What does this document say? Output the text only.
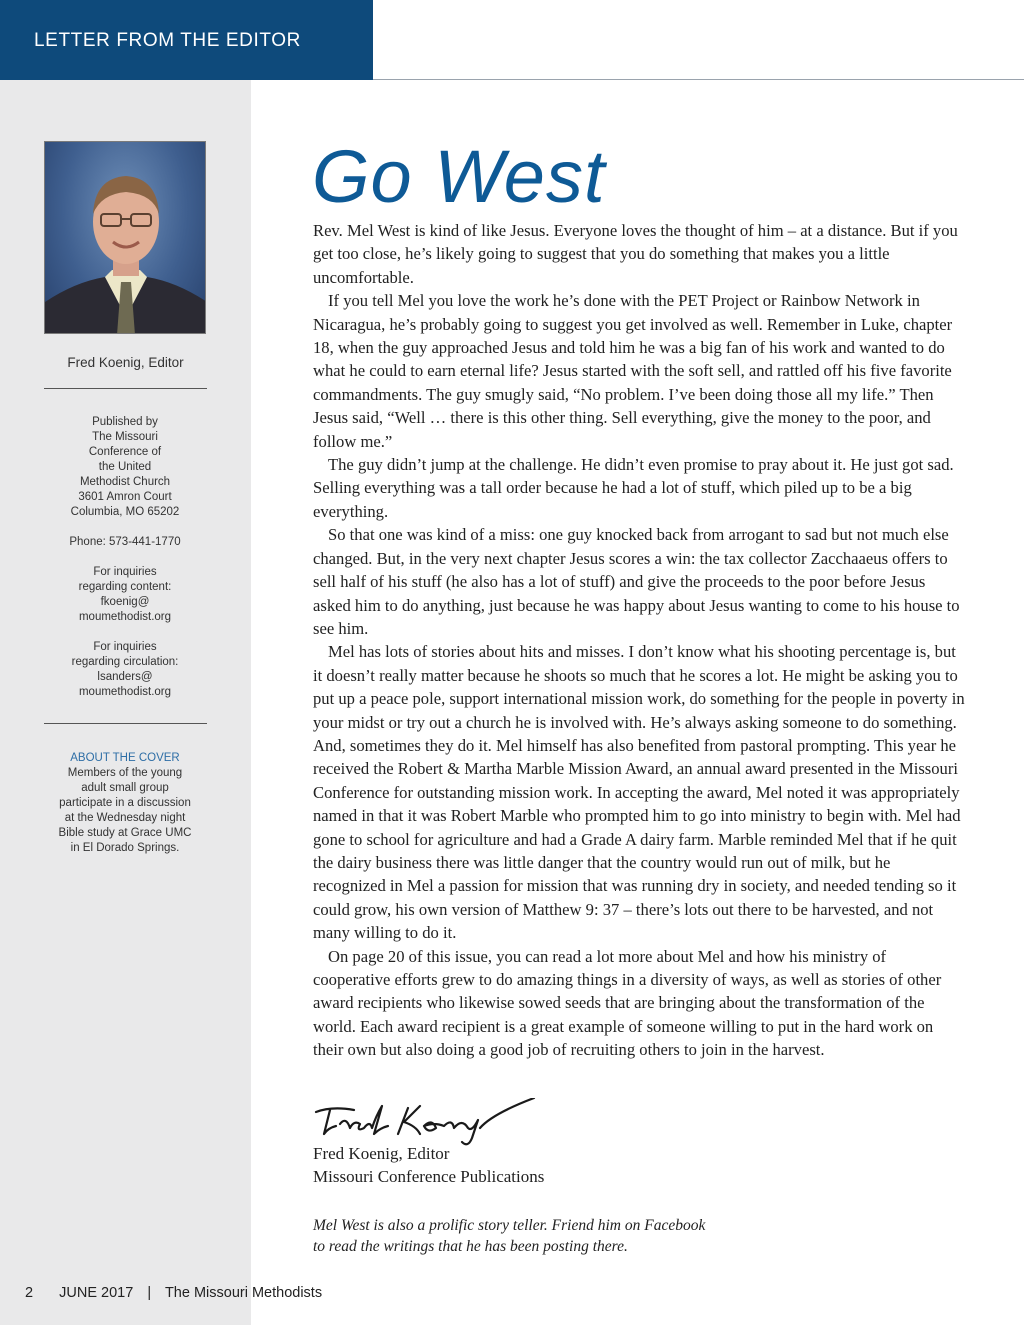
LETTER FROM THE EDITOR
Fred Koenig, Editor
Published by
The Missouri
Conference of
the United
Methodist Church
3601 Amron Court
Columbia, MO 65202
Phone: 573-441-1770
For inquiries
regarding content:
fkoenig@
moumethodist.org
For inquiries
regarding circulation:
lsanders@
moumethodist.org
ABOUT THE COVER
Members of the young
adult small group
participate in a discussion
at the Wednesday night
Bible study at Grace UMC
in El Dorado Springs.
Go West

Rev. Mel West is kind of like Jesus. Everyone loves the thought of him – at a distance. But if you get too close, he’s likely going to suggest that you do something that makes you a little uncomfortable.

If you tell Mel you love the work he’s done with the PET Project or Rainbow Network in Nicaragua, he’s probably going to suggest you get involved as well. Remember in Luke, chapter 18, when the guy approached Jesus and told him he was a big fan of his work and wanted to do what he could to earn eternal life? Jesus started with the soft sell, and rattled off his five favorite commandments. The guy smugly said, “No problem. I’ve been doing those all my life.” Then Jesus said, “Well … there is this other thing. Sell everything, give the money to the poor, and follow me.”

The guy didn’t jump at the challenge. He didn’t even promise to pray about it. He just got sad. Selling everything was a tall order because he had a lot of stuff, which piled up to be a big everything.

So that one was kind of a miss: one guy knocked back from arrogant to sad but not much else changed. But, in the very next chapter Jesus scores a win: the tax collector Zacchaaeus offers to sell half of his stuff (he also has a lot of stuff) and give the proceeds to the poor before Jesus asked him to do anything, just because he was happy about Jesus wanting to come to his house to see him.

Mel has lots of stories about hits and misses. I don’t know what his shooting percentage is, but it doesn’t really matter because he shoots so much that he scores a lot. He might be asking you to put up a peace pole, support international mission work, do something for the people in poverty in your midst or try out a church he is involved with. He’s always asking someone to do something. And, sometimes they do it. Mel himself has also benefited from pastoral prompting. This year he received the Robert & Martha Marble Mission Award, an annual award presented in the Missouri Conference for outstanding mission work. In accepting the award, Mel noted it was appropriately named in that it was Robert Marble who prompted him to go into ministry to begin with. Mel had gone to school for agriculture and had a Grade A dairy farm. Marble reminded Mel that if he quit the dairy business there was little danger that the country would run out of milk, but he recognized in Mel a passion for mission that was running dry in society, and needed tending so it could grow, his own version of Matthew 9: 37 – there’s lots out there to be harvested, and not many willing to do it.

On page 20 of this issue, you can read a lot more about Mel and how his ministry of cooperative efforts grew to do amazing things in a diversity of ways, as well as stories of other award recipients who likewise sowed seeds that are bringing about the transformation of the world. Each award recipient is a great example of someone willing to put in the hard work on their own but also doing a good job of recruiting others to join in the harvest.

Fred Koenig, Editor
Missouri Conference Publications
Mel West is also a prolific story teller. Friend him on Facebook
to read the writings that he has been posting there.
2 JUNE 2017 | The Missouri Methodists
